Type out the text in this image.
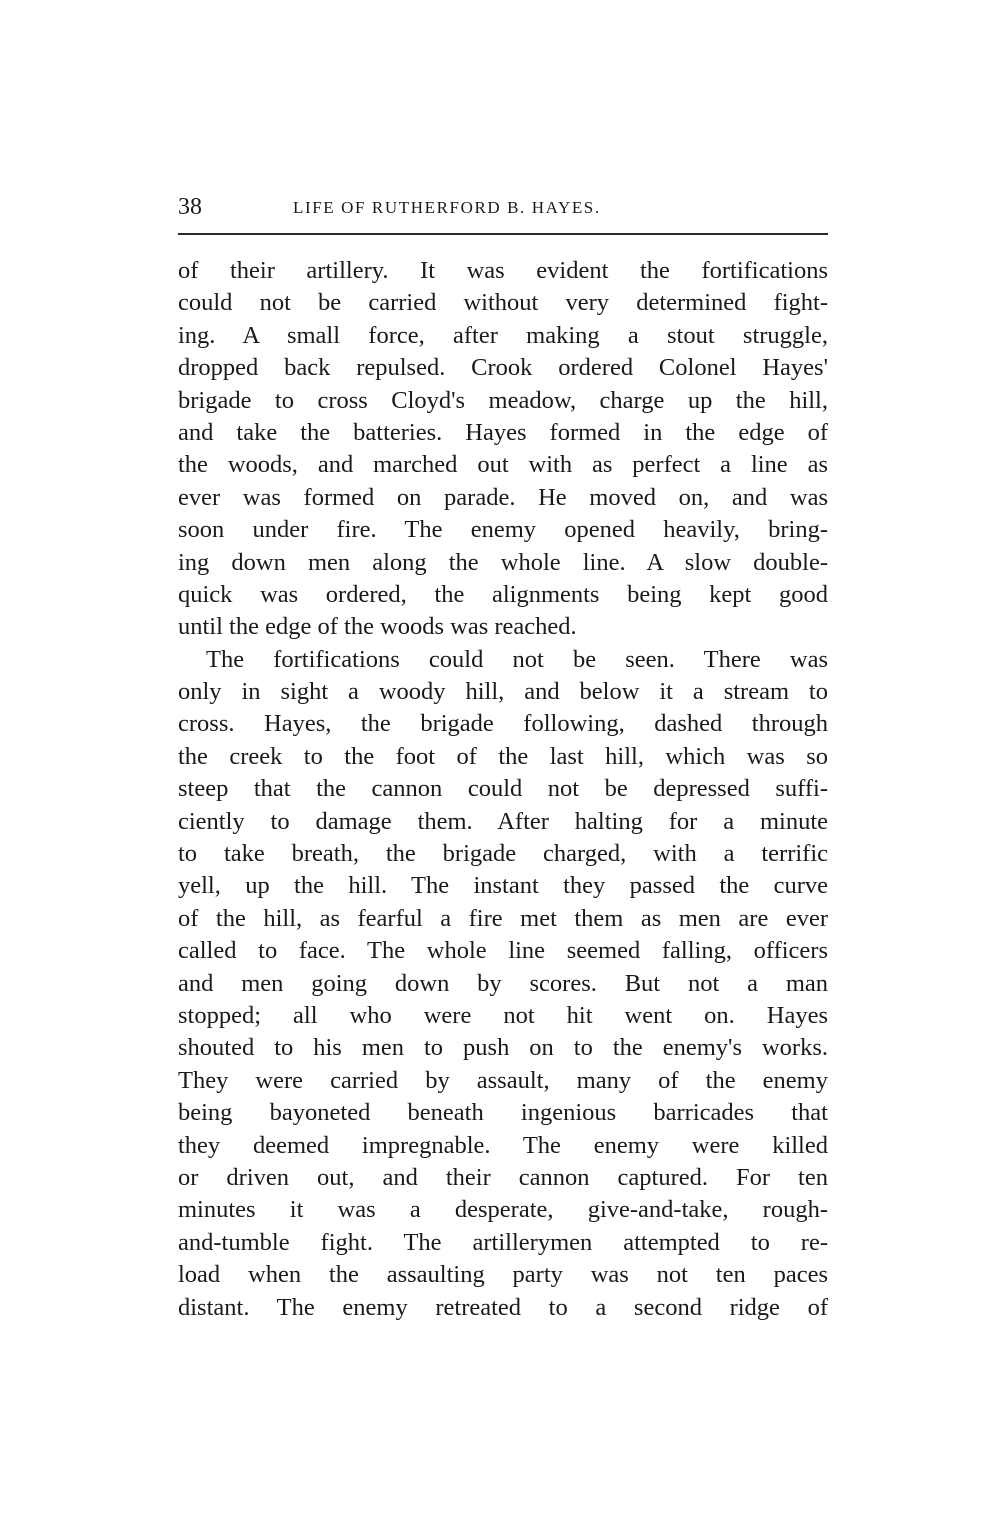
38	LIFE OF RUTHERFORD B. HAYES.
of their artillery. It was evident the fortifications
could not be carried without very determined fight-
ing. A small force, after making a stout struggle,
dropped back repulsed. Crook ordered Colonel Hayes'
brigade to cross Cloyd's meadow, charge up the hill,
and take the batteries. Hayes formed in the edge of
the woods, and marched out with as perfect a line as
ever was formed on parade. He moved on, and was
soon under fire. The enemy opened heavily, bring-
ing down men along the whole line. A slow double-
quick was ordered, the alignments being kept good
until the edge of the woods was reached.
The fortifications could not be seen. There was
only in sight a woody hill, and below it a stream to
cross. Hayes, the brigade following, dashed through
the creek to the foot of the last hill, which was so
steep that the cannon could not be depressed suffi-
ciently to damage them. After halting for a minute
to take breath, the brigade charged, with a terrific
yell, up the hill. The instant they passed the curve
of the hill, as fearful a fire met them as men are ever
called to face. The whole line seemed falling, officers
and men going down by scores. But not a man
stopped; all who were not hit went on. Hayes
shouted to his men to push on to the enemy's works.
They were carried by assault, many of the enemy
being bayoneted beneath ingenious barricades that
they deemed impregnable. The enemy were killed
or driven out, and their cannon captured. For ten
minutes it was a desperate, give-and-take, rough-
and-tumble fight. The artillerymen attempted to re-
load when the assaulting party was not ten paces
distant. The enemy retreated to a second ridge of
